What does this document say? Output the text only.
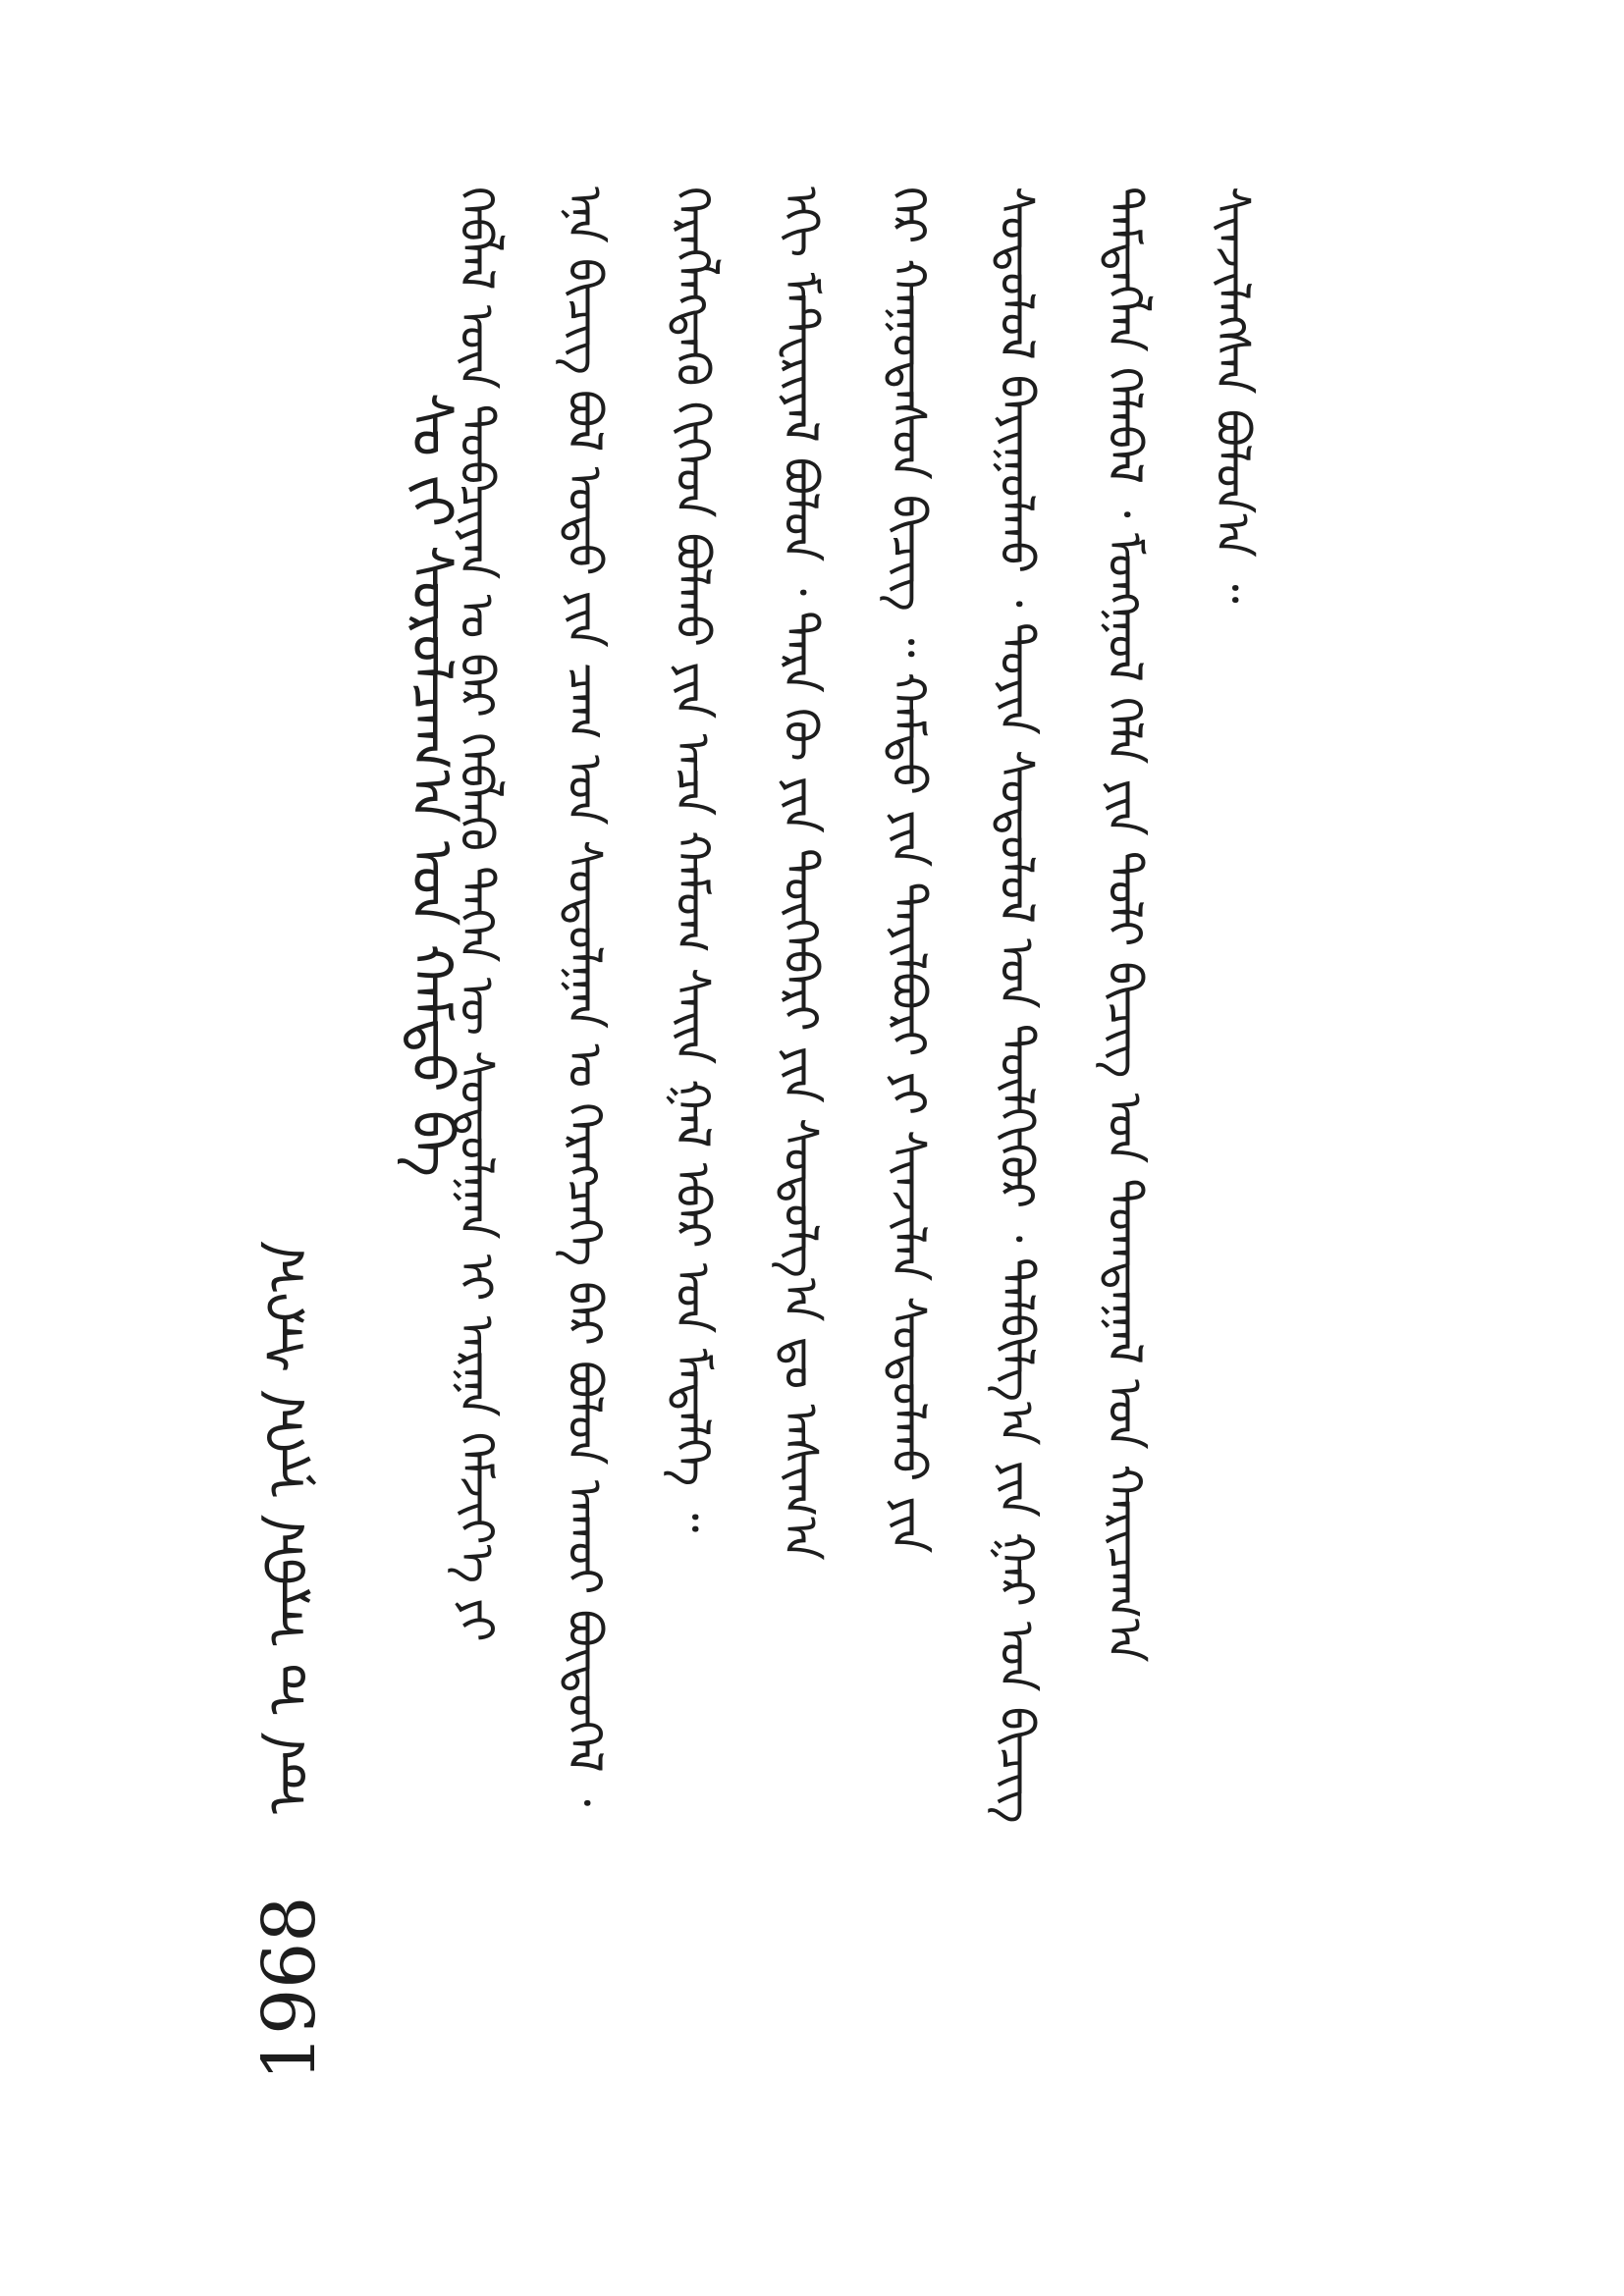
ᠰᠢᠨᠵᠢᠯᠡᠭᠰᠡᠨ ᠪᠤᠯᠤᠨ᠎ᠠ ᠃
ᠲᠡᠮᠳᠡᠭᠯᠡᠨ ᠬᠡᠯᠡᠪᠡᠯ ᠂ ᠮᠣᠩᠭᠣᠯ ᠬᠡᠯᠡ ᠶᠢᠨ ᠲᠣᠯᠢ ᠪᠢᠴᠢᠭ ᠤᠨ ᠲᠣᠭᠲᠠᠭᠠᠯ ᠤᠨ ᠬᠠᠷᠢᠴᠠᠭ᠎ᠠ
ᠰᠣᠳᠤᠯᠤᠯ ᠪᠠᠶᠢᠭᠤᠯᠬᠤ ᠂ ᠲᠣᠶᠢᠨ ᠰᠣᠳᠤᠯᠤᠯ ᠤᠨ ᠲᠦᠯᠬᠢᠭᠦᠷ ᠂ ᠲᠠᠯᠪᠢᠯᠭ᠎ᠠ ᠶᠢᠨ ᠭᠠᠷ ᠤᠨ ᠪᠢᠴᠢᠭ
ᠭᠡᠷ ᠬᠠᠭᠤᠳᠠᠰᠤᠨ ᠪᠢᠴᠢᠭ ᠃ ᠬᠠᠮᠲᠤ ᠶᠢᠨ ᠲᠠᠶᠢᠯᠪᠤᠷᠢ ᠶᠢ ᠰᠢᠨᠵᠢᠯᠡᠨ ᠰᠤᠳᠤᠯᠬᠤ ᠶᠢᠨ
ᠡᠬᠢ ᠮᠠᠲ᠋ᠧᠷᠢᠶᠠᠯ ᠪᠣᠯᠤᠨ ᠂ ᠲᠡᠷᠡ ᠬᠦ ᠶᠢᠨ ᠲᠦᠬᠡᠪᠡᠷᠢ ᠶᠢᠨ ᠰᠤᠳᠤᠯᠭ᠎ᠠ ᠳᠤ ᠠᠰᠢᠭ᠎ᠠ
ᠬᠡᠷᠡᠭᠯᠡᠭᠳᠡᠬᠦ ᠬᠢᠭᠡᠳ ᠪᠣᠯᠬᠤ ᠶᠢᠨ ᠠᠴᠠ ᠬᠠᠮᠤᠭ ᠰᠠᠢᠨ ᠭᠠᠯ ᠡᠪᠡᠷ ᠤᠨ ᠮᠡᠳᠡᠯᠭᠡ ᠃
ᠡᠨᠡ ᠪᠢᠴᠢᠭ ᠪᠣᠯ ᠣᠳᠣ ᠶᠢᠨ ᠴᠠᠭ ᠤᠨ ᠰᠤᠳᠤᠯᠭᠠᠨ ᠤ ᠬᠡᠷᠡᠭᠴᠡᠭᠡ ᠪᠡᠷ ᠪᠣᠯᠤᠨ ᠠᠬᠤᠢ ᠪᠦᠲᠦᠭᠡᠯ ᠂
ᠬᠡᠪᠯᠡᠯ ᠦᠨ ᠲᠣᠪᠴᠢᠶᠠᠨ ᠤ ᠪᠠᠷ ᠬᠡᠪᠯᠡᠬᠦ ᠲᠡᠭᠡᠨ ᠦ ᠰᠤᠳᠤᠯᠭᠠᠨ ᠢ ᠠᠷᠭᠠ ᠬᠡᠮᠵᠢᠶ᠎ᠡ ᠶᠢ
ᠰᠤ ᠶ᠋ᠢ ᠰᠤᠷᠤᠯᠴᠠᠭ᠎ᠠ ᠤᠨ ᠬᠠᠮᠲᠤ ᠪᠠ
1968 ᠣᠨ ᠤ ᠠᠷᠪᠠᠨ ᠨᠢᠭᠡᠨ ᠰᠠᠷ᠎ᠠ
